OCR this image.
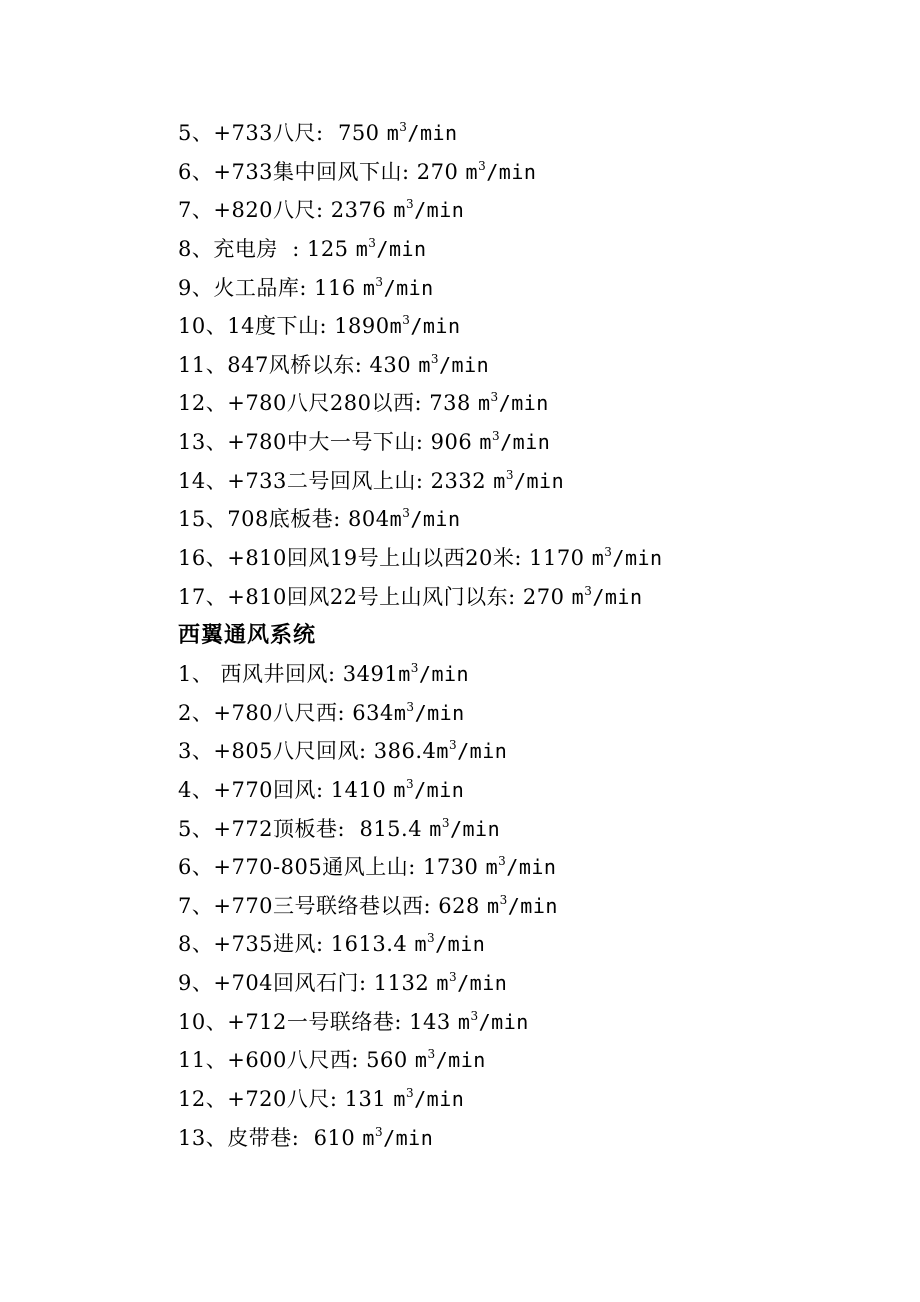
5、+733八尺:  750 $m^3/\min$
6、+733集中回风下山: 270 $m^3/\min$
7、+820八尺: 2376 $m^3/\min$
8、充电房  : 125 $m^3/\min$
9、火工品库: 116 $m^3/\min$
10、14度下山: $1890m^3/\min$
11、847风桥以东: 430 $m^3/\min$
12、+780八尺280以西: 738 $m^3/\min$
13、+780中大一号下山: 906 $m^3/\min$
14、+733二号回风上山: 2332 $m^3/\min$
15、708底板巷: $804m^3/\min$
16、+810回风19号上山以西20米: 1170 $m^3/\min$
17、+810回风22号上山风门以东: 270 $m^3/\min$
西翼通风系统
1、 西风井回风: $3491m^3/\min$
2、+780八尺西: $634m^3/\min$
3、+805八尺回风: $386.4m^3/\min$
4、+770回风: 1410 $m^3/\min$
5、+772顶板巷:  815.4 $m^3/\min$
6、+770-805通风上山: 1730 $m^3/\min$
7、+770三号联络巷以西: 628 $m^3/\min$
8、+735进风: 1613.4 $m^3/\min$
9、+704回风石门: 1132 $m^3/\min$
10、+712一号联络巷: 143 $m^3/\min$
11、+600八尺西: 560 $m^3/\min$
12、+720八尺: 131 $m^3/\min$
13、皮带巷:  610 $m^3/\min$
